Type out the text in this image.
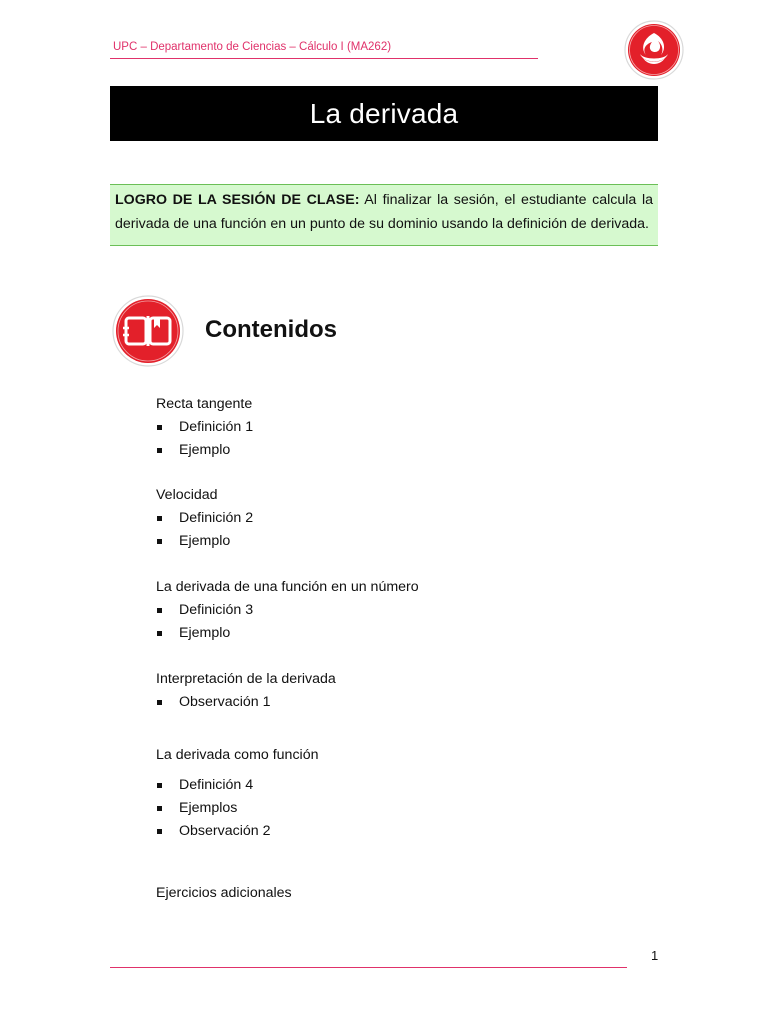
UPC – Departamento de Ciencias – Cálculo I (MA262)
La derivada
LOGRO DE LA SESIÓN DE CLASE: Al finalizar la sesión, el estudiante calcula la derivada de una función en un punto de su dominio usando la definición de derivada.
Contenidos
Recta tangente
Definición 1
Ejemplo
Velocidad
Definición 2
Ejemplo
La derivada de una función en un número
Definición 3
Ejemplo
Interpretación de la derivada
Observación 1
La derivada como función
Definición 4
Ejemplos
Observación 2
Ejercicios adicionales
1
